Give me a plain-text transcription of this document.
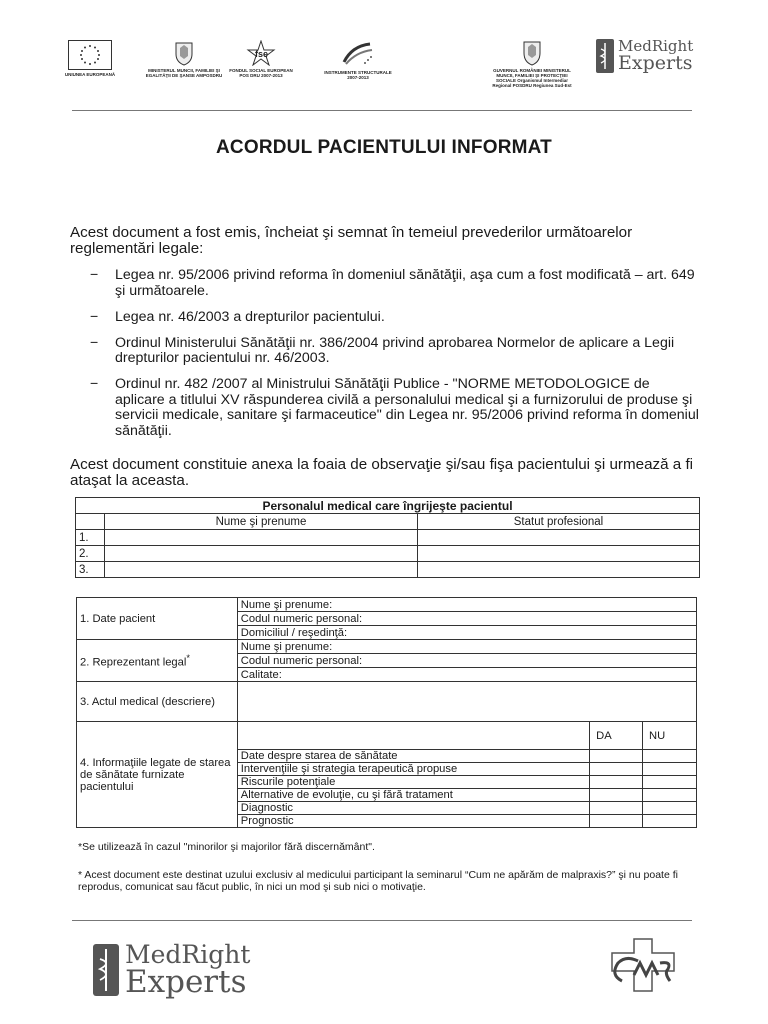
UNIUNEA EUROPEANĂ
MINISTERUL MUNCII, FAMILIEI ŞI EGALITĂŢII DE ŞANSE AMPOSDRU
fse
FONDUL SOCIAL EUROPEAN POS DRU 2007-2013
INSTRUMENTE STRUCTURALE 2007-2013
GUVERNUL ROMÂNIEI MINISTERUL MUNCII, FAMILIEI ŞI PROTECŢIEI SOCIALE Organismul Intermediar Regional POSDRU Regiunea Sud-Est
MedRight
Experts
ACORDUL PACIENTULUI INFORMAT

Acest document a fost emis, încheiat şi semnat în temeiul prevederilor următoarelor reglementări legale:

− Legea nr. 95/2006 privind reforma în domeniul sănătăţii, aşa cum a fost modificată – art. 649 şi următoarele.
− Legea nr. 46/2003 a drepturilor pacientului.
− Ordinul Ministerului Sănătăţii nr. 386/2004 privind aprobarea Normelor de aplicare a Legii drepturilor pacientului nr. 46/2003.
− Ordinul nr. 482 /2007 al Ministrului Sănătăţii Publice - "NORME METODOLOGICE de aplicare a titlului XV răspunderea civilă a personalului medical şi a furnizorului de produse şi servicii medicale, sanitare şi farmaceutice" din Legea nr. 95/2006 privind reforma în domeniul sănătăţii.

Acest document constituie anexa la foaia de observaţie şi/sau fişa pacientului şi urmează a fi ataşat la aceasta.

Personalul medical care îngrijeşte pacientul		
	Nume şi prenume	Statut profesional
1.		
2.		
3.		
1. Date pacient	Nume şi prenume:		
	Codul numeric personal:		
	Domiciliul / reşedinţă:		
2. Reprezentant legal*	Nume şi prenume:		
	Codul numeric personal:		
	Calitate:		
3. Actul medical (descriere)			
4. Informaţiile legate de starea de sănătate furnizate pacientului		DA	NU
	Date despre starea de sănătate		
	Intervenţiile şi strategia terapeutică propuse		
	Riscurile potenţiale		
	Alternative de evoluţie, cu şi fără tratament		
	Diagnostic		
	Prognostic		
*Se utilizează în cazul "minorilor şi majorilor fără discernământ".
* Acest document este destinat uzului exclusiv al medicului participant la seminarul “Cum ne apărăm de malpraxis?” şi nu poate fi reprodus, comunicat sau făcut public, în nici un mod şi sub nici o motivaţie.
MedRight
Experts
